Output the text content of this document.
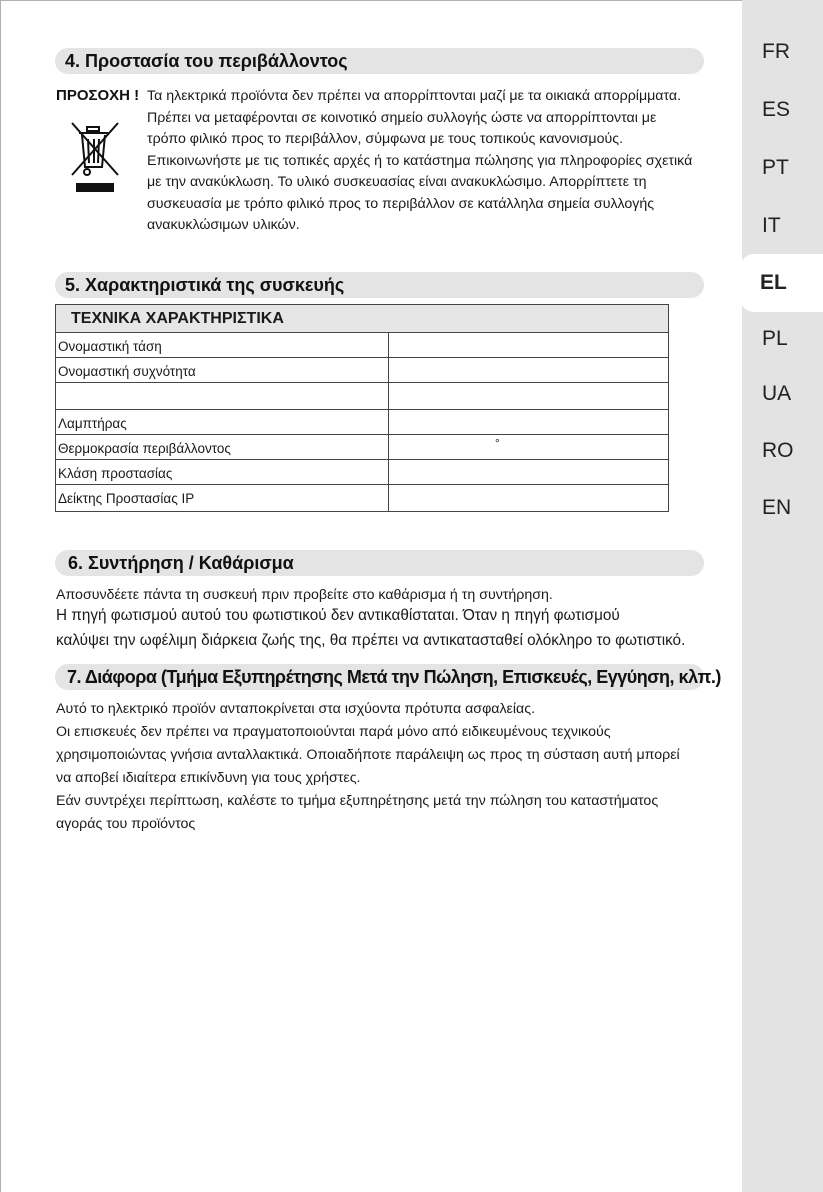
4. Προστασία του περιβάλλοντος
ΠΡΟΣΟΧΗ ! Τα ηλεκτρικά προϊόντα δεν πρέπει να απορρίπτονται μαζί με τα οικιακά απορρίμματα.
Πρέπει να μεταφέρονται σε κοινοτικό σημείο συλλογής ώστε να απορρίπτονται με
τρόπο φιλικό προς το περιβάλλον, σύμφωνα με τους τοπικούς κανονισμούς.
Επικοινωνήστε με τις τοπικές αρχές ή το κατάστημα πώλησης για πληροφορίες σχετικά
με την ανακύκλωση. Το υλικό συσκευασίας είναι ανακυκλώσιμο. Απορρίπτετε τη
συσκευασία με τρόπο φιλικό προς το περιβάλλον σε κατάλληλα σημεία συλλογής
ανακυκλώσιμων υλικών.
5. Χαρακτηριστικά της συσκευής
ΤΕΧΝΙΚΑ ΧΑΡΑΚΤΗΡΙΣΤΙΚΑ
Ονομαστική τάση
Ονομαστική συχνότητα
Λαμπτήρας
Θερμοκρασία περιβάλλοντος	°
Κλάση προστασίας
Δείκτης Προστασίας IP
6. Συντήρηση / Καθάρισμα
Αποσυνδέετε πάντα τη συσκευή πριν προβείτε στο καθάρισμα ή τη συντήρηση.
Η πηγή φωτισμού αυτού του φωτιστικού δεν αντικαθίσταται. Όταν η πηγή φωτισμού
καλύψει την ωφέλιμη διάρκεια ζωής της, θα πρέπει να αντικατασταθεί ολόκληρο το φωτιστικό.
7. Διάφορα (Τμήμα Εξυπηρέτησης Μετά την Πώληση, Επισκευές, Εγγύηση, κλπ.)
Αυτό το ηλεκτρικό προϊόν ανταποκρίνεται στα ισχύοντα πρότυπα ασφαλείας.
Οι επισκευές δεν πρέπει να πραγματοποιούνται παρά μόνο από ειδικευμένους τεχνικούς
χρησιμοποιώντας γνήσια ανταλλακτικά. Οποιαδήποτε παράλειψη ως προς τη σύσταση αυτή μπορεί
να αποβεί ιδιαίτερα επικίνδυνη για τους χρήστες.
Εάν συντρέχει περίπτωση, καλέστε το τμήμα εξυπηρέτησης μετά την πώληση του καταστήματος
αγοράς του προϊόντος
FR
ES
PT
IT
EL
PL
UA
RO
EN
